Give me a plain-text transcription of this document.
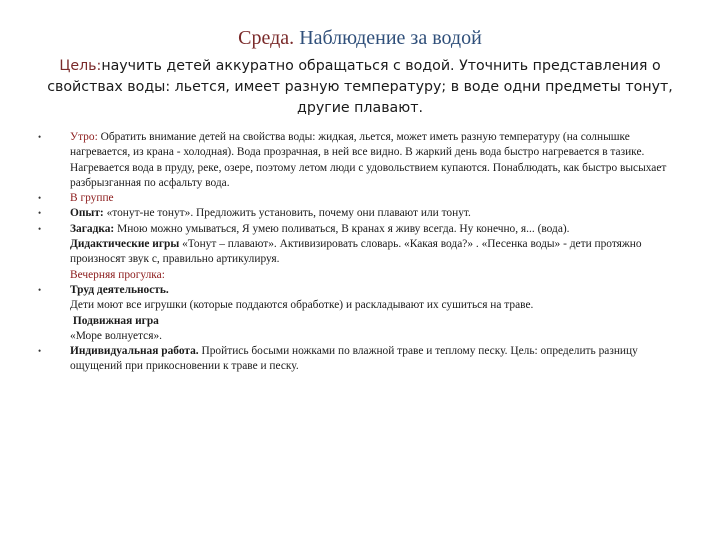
Среда. Наблюдение за водой
Цель:научить детей аккуратно обращаться с водой. Уточнить представления о свойствах воды: льется, имеет разную температуру; в воде одни предметы тонут, другие плавают.
•	Утро: Обратить внимание детей на свойства воды: жидкая, льется, может иметь разную температуру (на солнышке нагревается, из крана - холодная). Вода прозрачная, в ней все видно. В жаркий день вода быстро нагревается в тазике. Нагревается вода в пруду, реке, озере, поэтому летом люди с удовольствием купаются. Понаблюдать, как быстро высыхает разбрызганная по асфальту вода.
•	В группе
•	Опыт: «тонут-не тонут». Предложить установить, почему они плавают или тонут.
•	Загадка: Мною можно умываться, Я умею поливаться, В кранах я живу всегда. Ну конечно, я... (вода).
Дидактические игры «Тонут – плавают». Активизировать словарь. «Какая вода?» . «Песенка воды» - дети протяжно произносят звук с, правильно артикулируя.
Вечерняя прогулка:
•	Труд деятельность.
Дети моют все игрушки (которые поддаются обработке) и раскладывают их сушиться на траве.
Подвижная игра
«Море волнуется».
•	Индивидуальная работа. Пройтись босыми ножками по влажной траве и теплому песку. Цель: определить разницу ощущений при прикосновении к траве и песку.
